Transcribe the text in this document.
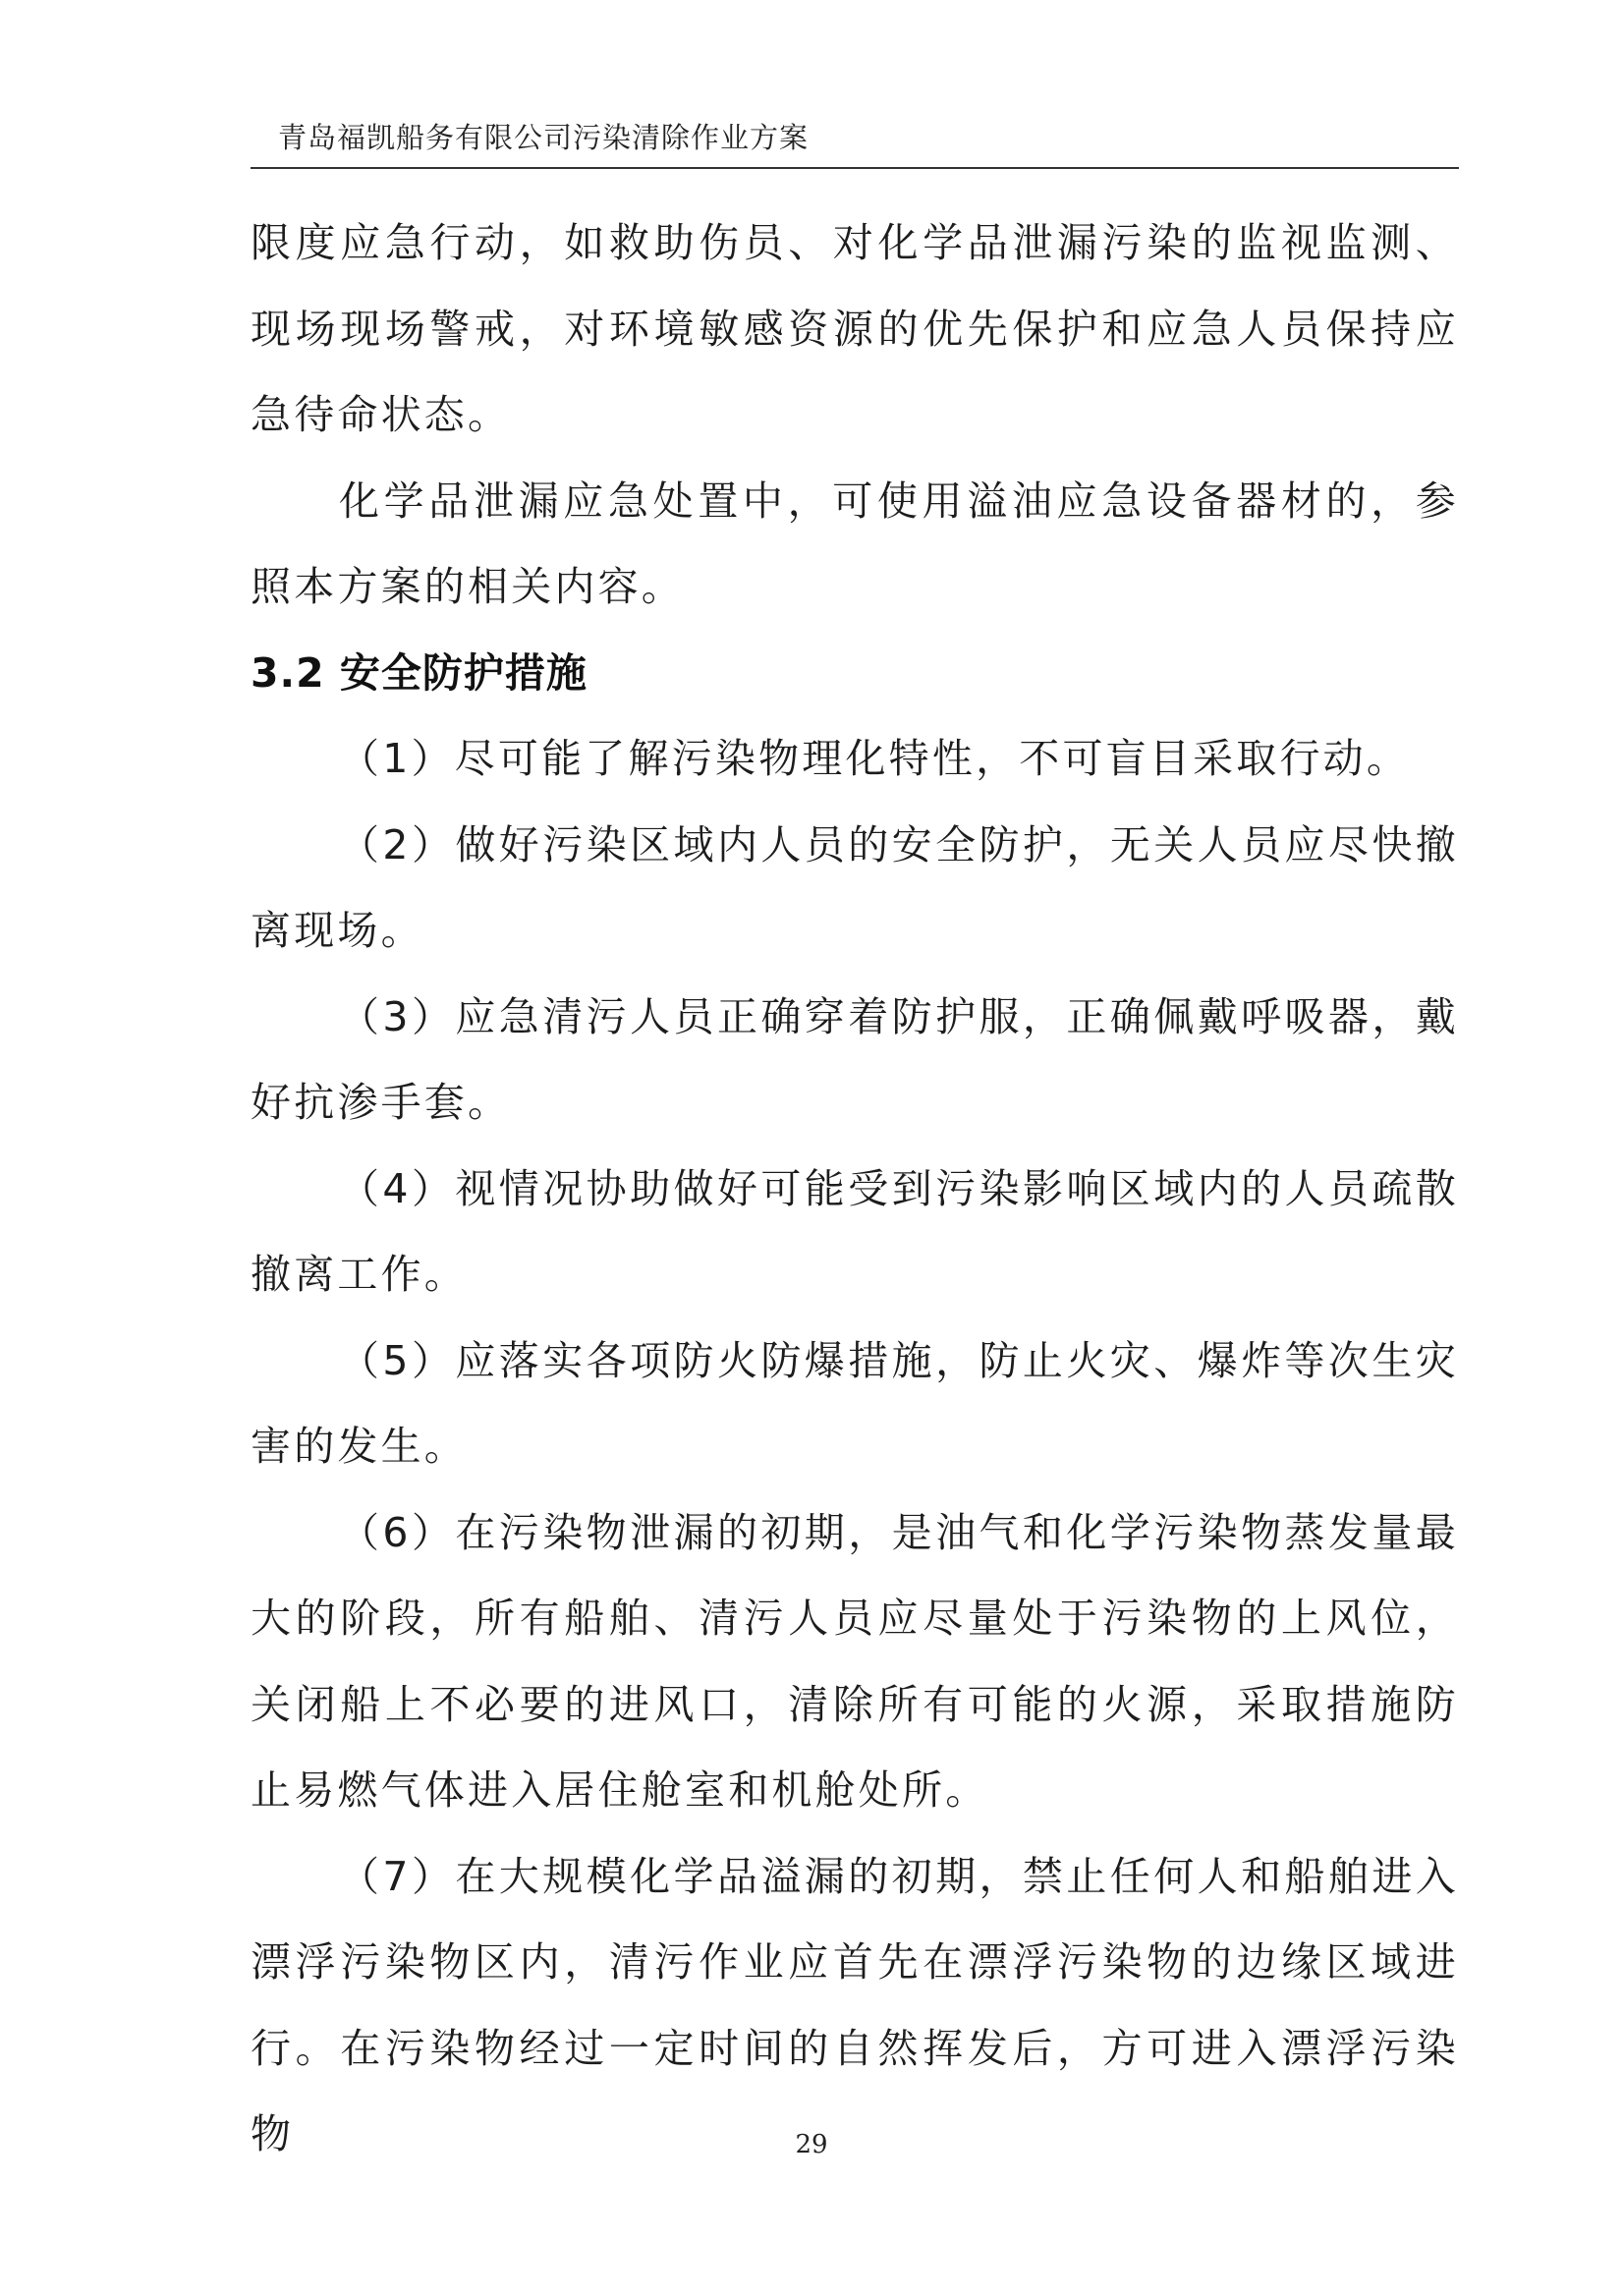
青岛福凯船务有限公司污染清除作业方案

限度应急行动，如救助伤员、对化学品泄漏污染的监视监测、现场现场警戒，对环境敏感资源的优先保护和应急人员保持应急待命状态。

化学品泄漏应急处置中，可使用溢油应急设备器材的，参照本方案的相关内容。

3.2 安全防护措施

（1）尽可能了解污染物理化特性，不可盲目采取行动。

（2）做好污染区域内人员的安全防护，无关人员应尽快撤离现场。

（3）应急清污人员正确穿着防护服，正确佩戴呼吸器，戴好抗渗手套。

（4）视情况协助做好可能受到污染影响区域内的人员疏散撤离工作。

（5）应落实各项防火防爆措施，防止火灾、爆炸等次生灾害的发生。

（6）在污染物泄漏的初期，是油气和化学污染物蒸发量最大的阶段，所有船舶、清污人员应尽量处于污染物的上风位，关闭船上不必要的进风口，清除所有可能的火源，采取措施防止易燃气体进入居住舱室和机舱处所。

（7）在大规模化学品溢漏的初期，禁止任何人和船舶进入漂浮污染物区内，清污作业应首先在漂浮污染物的边缘区域进行。在污染物经过一定时间的自然挥发后，方可进入漂浮污染物	29
